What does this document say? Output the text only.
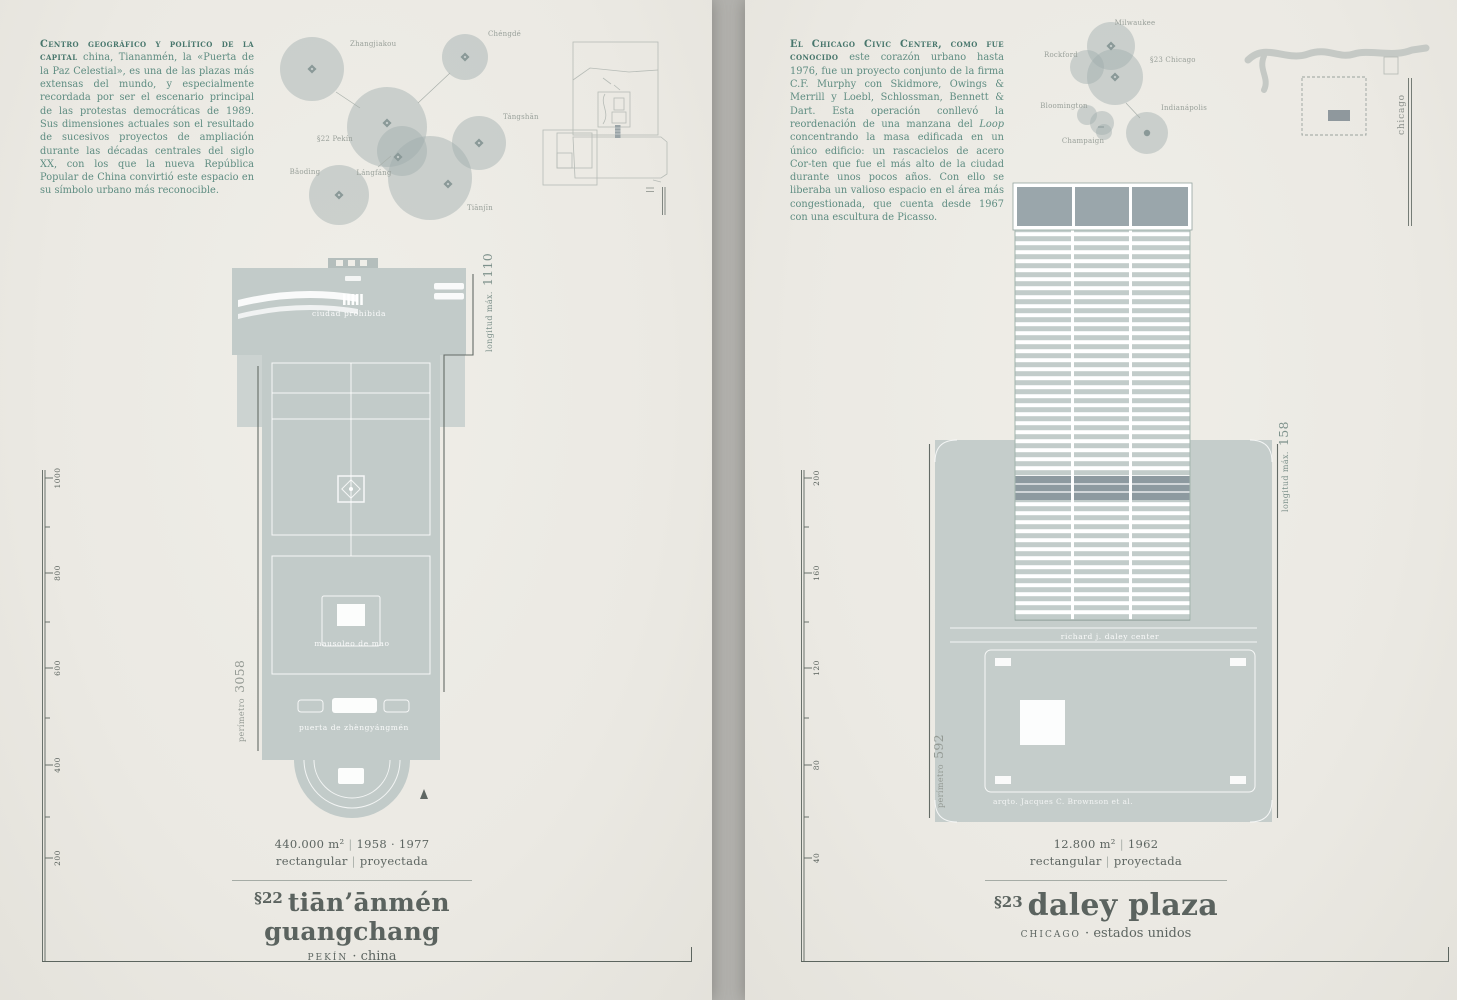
Centro geográfico y político de la capital china, Tiananmén, la «Puerta de la Paz Celestial», es una de las plazas más extensas del mundo, y especialmente recordada por ser el escenario principal de las protestas democráticas de 1989. Sus dimensiones actuales son el resultado de sucesivos proyectos de ampliación durante las décadas centrales del siglo XX, con los que la nueva República Popular de China convirtió este espacio en su símbolo urbano más reconocible.
Zhangjiakou
Chéngdé
§22 Pekín
Tángshān
Bǎodìng	Lángfáng
Tiānjīn
ciudad prohibida
mausoleo de mao
puerta de zhèngyángmén
longitud máx. 1110
perímetro 3058
1000
800
600
400
200
440.000 m² | 1958 · 1977
rectangular | proyectada
§22 tiān’ānmén guangchang
pekín · china
El Chicago Civic Center, como fue conocido este corazón urbano hasta 1976, fue un proyecto conjunto de la firma C.F. Murphy con Skidmore, Owings & Merrill y Loebl, Schlossman, Bennett & Dart. Esta operación conllevó la reordenación de una manzana del Loop concentrando la masa edificada en un único edificio: un rascacielos de acero Cor-ten que fue el más alto de la ciudad durante unos pocos años. Con ello se liberaba un valioso espacio en el área más congestionada, que cuenta desde 1967 con una escultura de Picasso.
Milwaukee
Rockford
§23 Chicago
Bloomington
Champaign
Indianápolis	chicago
richard j. daley center
arqto. Jacques C. Brownson et al.
longitud máx. 158
perímetro 592
200
160
120
80
40
12.800 m² | 1962
rectangular | proyectada
§23 daley plaza
chicago · estados unidos
